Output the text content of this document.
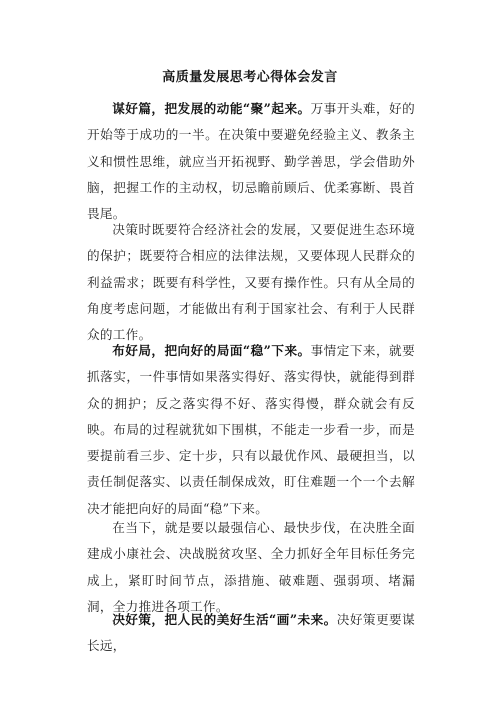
高质量发展思考心得体会发言

谋好篇，把发展的动能“聚”起来。万事开头难，好的开始等于成功的一半。在决策中要避免经验主义、教条主义和惯性思维，就应当开拓视野、勤学善思，学会借助外脑，把握工作的主动权，切忌瞻前顾后、优柔寡断、畏首畏尾。

决策时既要符合经济社会的发展，又要促进生态环境的保护；既要符合相应的法律法规，又要体现人民群众的利益需求；既要有科学性，又要有操作性。只有从全局的角度考虑问题，才能做出有利于国家社会、有利于人民群众的工作。

布好局，把向好的局面“稳”下来。事情定下来，就要抓落实，一件事情如果落实得好、落实得快，就能得到群众的拥护；反之落实得不好、落实得慢，群众就会有反映。布局的过程就犹如下围棋，不能走一步看一步，而是要提前看三步、定十步，只有以最优作风、最硬担当，以责任制促落实、以责任制保成效，盯住难题一个一个去解决才能把向好的局面“稳”下来。

在当下，就是要以最强信心、最快步伐，在决胜全面建成小康社会、决战脱贫攻坚、全力抓好全年目标任务完成上，紧盯时间节点，添措施、破难题、强弱项、堵漏洞，全力推进各项工作。

决好策，把人民的美好生活“画”未来。决好策更要谋长远，
